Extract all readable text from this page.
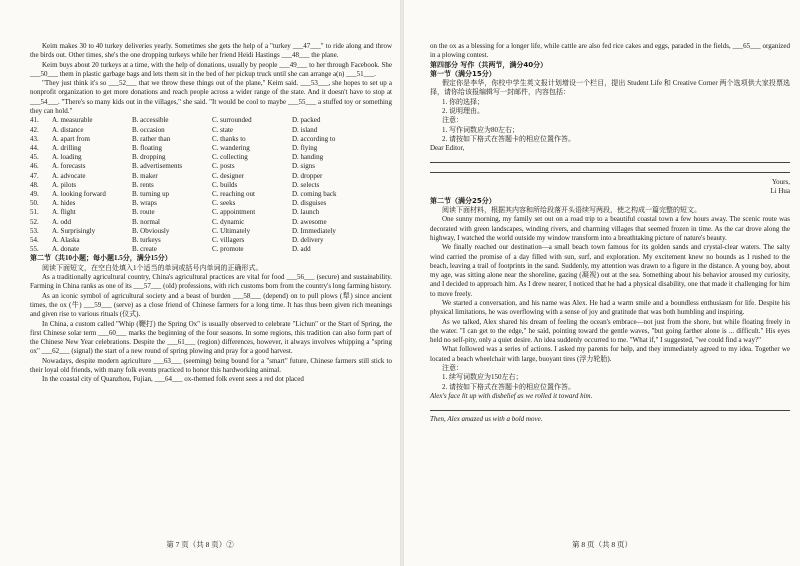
Keim makes 30 to 40 turkey deliveries yearly. Sometimes she gets the help of a "turkey ___47___" to ride along and throw the birds out. Other times, she's the one dropping turkeys while her friend Heidi Hastings ___48___ the plane.

Keim buys about 20 turkeys at a time, with the help of donations, usually by people ___49___ to her through Facebook. She ___50___ them in plastic garbage bags and lets them sit in the bed of her pickup truck until she can arrange a(n) ___51___.

"They just think it's so ___52___ that we throw these things out of the plane," Keim said. ___53___, she hopes to set up a nonprofit organization to get more donations and reach people across a wider range of the state. And it doesn't have to stop at ___54___. "There's so many kids out in the villages," she said. "It would be cool to maybe ___55___ a stuffed toy or something they can hold."

41.	A. measurable	B. accessible	C. surrounded	D. packed
42.	A. distance	B. occasion	C. state	D. island
43.	A. apart from	B. rather than	C. thanks to	D. according to
44.	A. drilling	B. floating	C. wandering	D. flying
45.	A. loading	B. dropping	C. collecting	D. handing
46.	A. forecasts	B. advertisements	C. posts	D. signs
47.	A. advocate	B. maker	C. designer	D. dropper
48.	A. pilots	B. rents	C. builds	D. selects
49.	A. looking forward	B. turning up	C. reaching out	D. coming back
50.	A. hides	B. wraps	C. seeks	D. disguises
51.	A. flight	B. route	C. appointment	D. launch
52.	A. odd	B. normal	C. dynamic	D. awesome
53.	A. Surprisingly	B. Obviously	C. Ultimately	D. Immediately
54.	A. Alaska	B. turkeys	C. villagers	D. delivery
55.	A. donate	B. create	C. promote	D. add

第二节（共10小题；每小题1.5分，满分15分）

阅读下面短文，在空白处填入1个适当的单词或括号内单词的正确形式。

As a traditionally agricultural country, China's agricultural practices are vital for food ___56___ (secure) and sustainability. Farming in China ranks as one of its ___57___ (old) professions, with rich customs born from the country's long farming history.

As an iconic symbol of agricultural society and a beast of burden ___58___ (depend) on to pull plows (犁) since ancient times, the ox (牛) ___59___ (serve) as a close friend of Chinese farmers for a long time. It has thus been given rich meanings and given rise to various rituals (仪式).

In China, a custom called "Whip (鞭打) the Spring Ox" is usually observed to celebrate "Lichun" or the Start of Spring, the first Chinese solar term ___60___ marks the beginning of the four seasons. In some regions, this tradition can also form part of the Chinese New Year celebrations. Despite the ___61___ (region) differences, however, it always involves whipping a "spring ox" ___62___ (signal) the start of a new round of spring plowing and pray for a good harvest.

Nowadays, despite modern agriculture ___63___ (seeming) being bound for a "smart" future, Chinese farmers still stick to their loyal old friends, with many folk events practiced to honor this hardworking animal.

In the coastal city of Quanzhou, Fujian, ___64___ ox-themed folk event sees a red dot placed

第 7 页（共 8 页）②

on the ox as a blessing for a longer life, while cattle are also fed rice cakes and eggs, paraded in the fields, ___65___ organized in a plowing contest.

第四部分 写作（共两节，满分40分）

第一节（满分15分）

假定你是李华，你校中学生英文报计划增设一个栏目，提出 Student Life 和 Creative Corner 两个选项供大家投票选择，请你给该报编辑写一封邮件，内容包括：

1. 你的选择；

2. 说明理由。

注意：

1. 写作词数应为80左右；

2. 请按如下格式在答题卡的相应位置作答。

Dear Editor,

Yours,

Li Hua

第二节（满分25分）

阅读下面材料，根据其内容和所给段落开头语续写两段，使之构成一篇完整的短文。

One sunny morning, my family set out on a road trip to a beautiful coastal town a few hours away. The scenic route was decorated with green landscapes, winding rivers, and charming villages that seemed frozen in time. As the car drove along the highway, I watched the world outside my window transform into a breathtaking picture of nature's beauty.

We finally reached our destination—a small beach town famous for its golden sands and crystal-clear waters. The salty wind carried the promise of a day filled with sun, surf, and exploration. My excitement knew no bounds as I rushed to the beach, leaving a trail of footprints in the sand. Suddenly, my attention was drawn to a figure in the distance. A young boy, about my age, was sitting alone near the shoreline, gazing (凝视) out at the sea. Something about his behavior aroused my curiosity, and I decided to approach him. As I drew nearer, I noticed that he had a physical disability, one that made it challenging for him to move freely.

We started a conversation, and his name was Alex. He had a warm smile and a boundless enthusiasm for life. Despite his physical limitations, he was overflowing with a sense of joy and gratitude that was both humbling and inspiring.

As we talked, Alex shared his dream of feeling the ocean's embrace—not just from the shore, but while floating freely in the water. "I can get to the edge," he said, pointing toward the gentle waves, "but going farther alone is ... difficult." His eyes held no self-pity, only a quiet desire. An idea suddenly occurred to me. "What if," I suggested, "we could find a way?"

What followed was a series of actions. I asked my parents for help, and they immediately agreed to my idea. Together we located a beach wheelchair with large, buoyant tires (浮力轮胎).

注意：

1. 续写词数应为150左右；

2. 请按如下格式在答题卡的相应位置作答。

Alex's face lit up with disbelief as we rolled it toward him.

Then, Alex amazed us with a bold move.

第 8 页（共 8 页）
